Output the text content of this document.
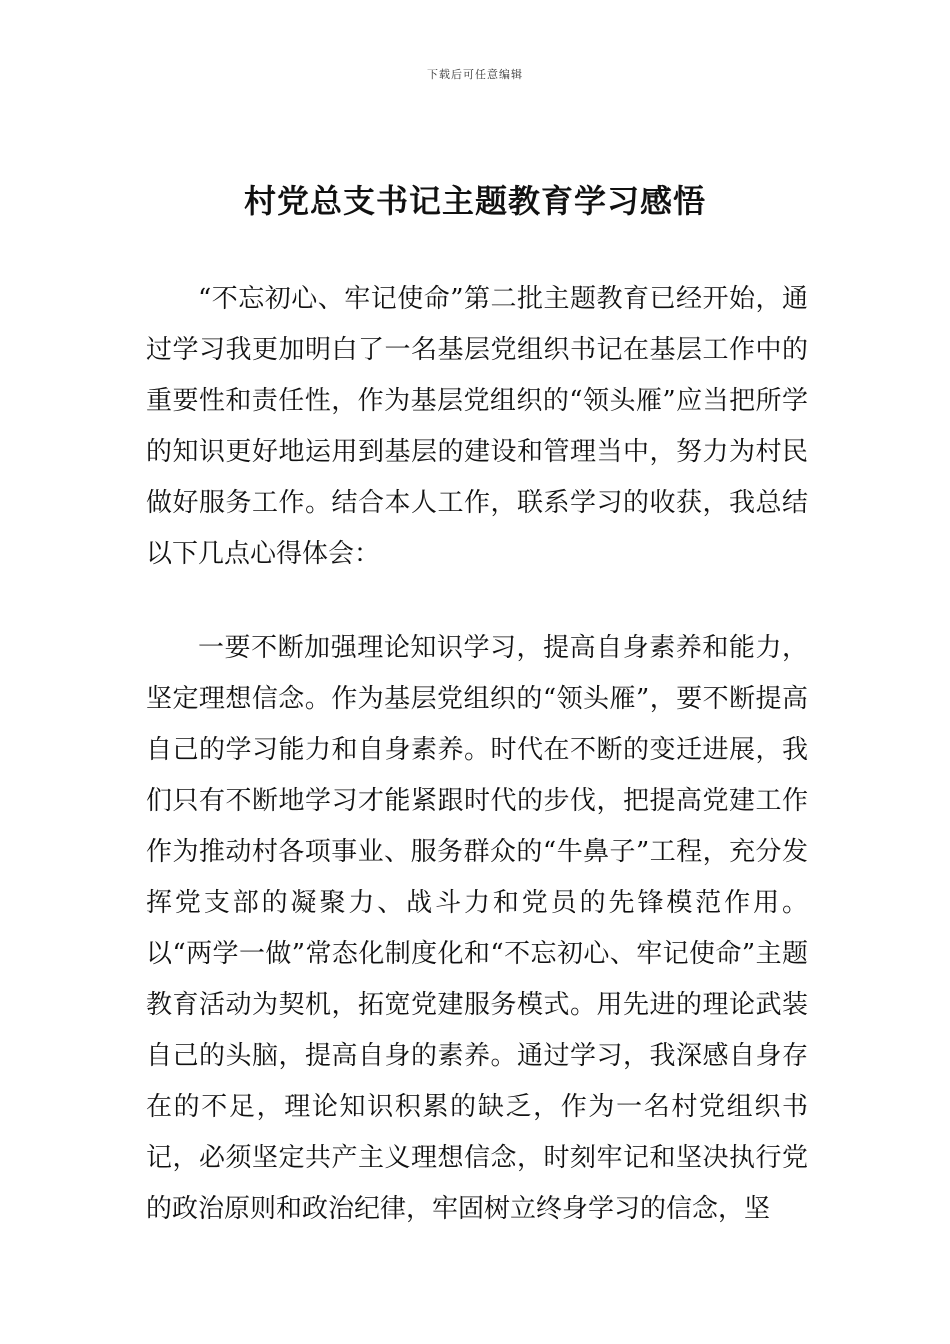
下载后可任意编辑
村党总支书记主题教育学习感悟

“不忘初心、牢记使命”第二批主题教育已经开始，通过学习我更加明白了一名基层党组织书记在基层工作中的重要性和责任性，作为基层党组织的“领头雁”应当把所学的知识更好地运用到基层的建设和管理当中，努力为村民做好服务工作。结合本人工作，联系学习的收获，我总结以下几点心得体会：

一要不断加强理论知识学习，提高自身素养和能力，坚定理想信念。作为基层党组织的“领头雁”，要不断提高自己的学习能力和自身素养。时代在不断的变迁进展，我们只有不断地学习才能紧跟时代的步伐，把提高党建工作作为推动村各项事业、服务群众的“牛鼻子”工程，充分发挥党支部的凝聚力、战斗力和党员的先锋模范作用。以“两学一做”常态化制度化和“不忘初心、牢记使命”主题教育活动为契机，拓宽党建服务模式。用先进的理论武装自己的头脑，提高自身的素养。通过学习，我深感自身存在的不足，理论知识积累的缺乏，作为一名村党组织书记，必须坚定共产主义理想信念，时刻牢记和坚决执行党的政治原则和政治纪律，牢固树立终身学习的信念，坚
